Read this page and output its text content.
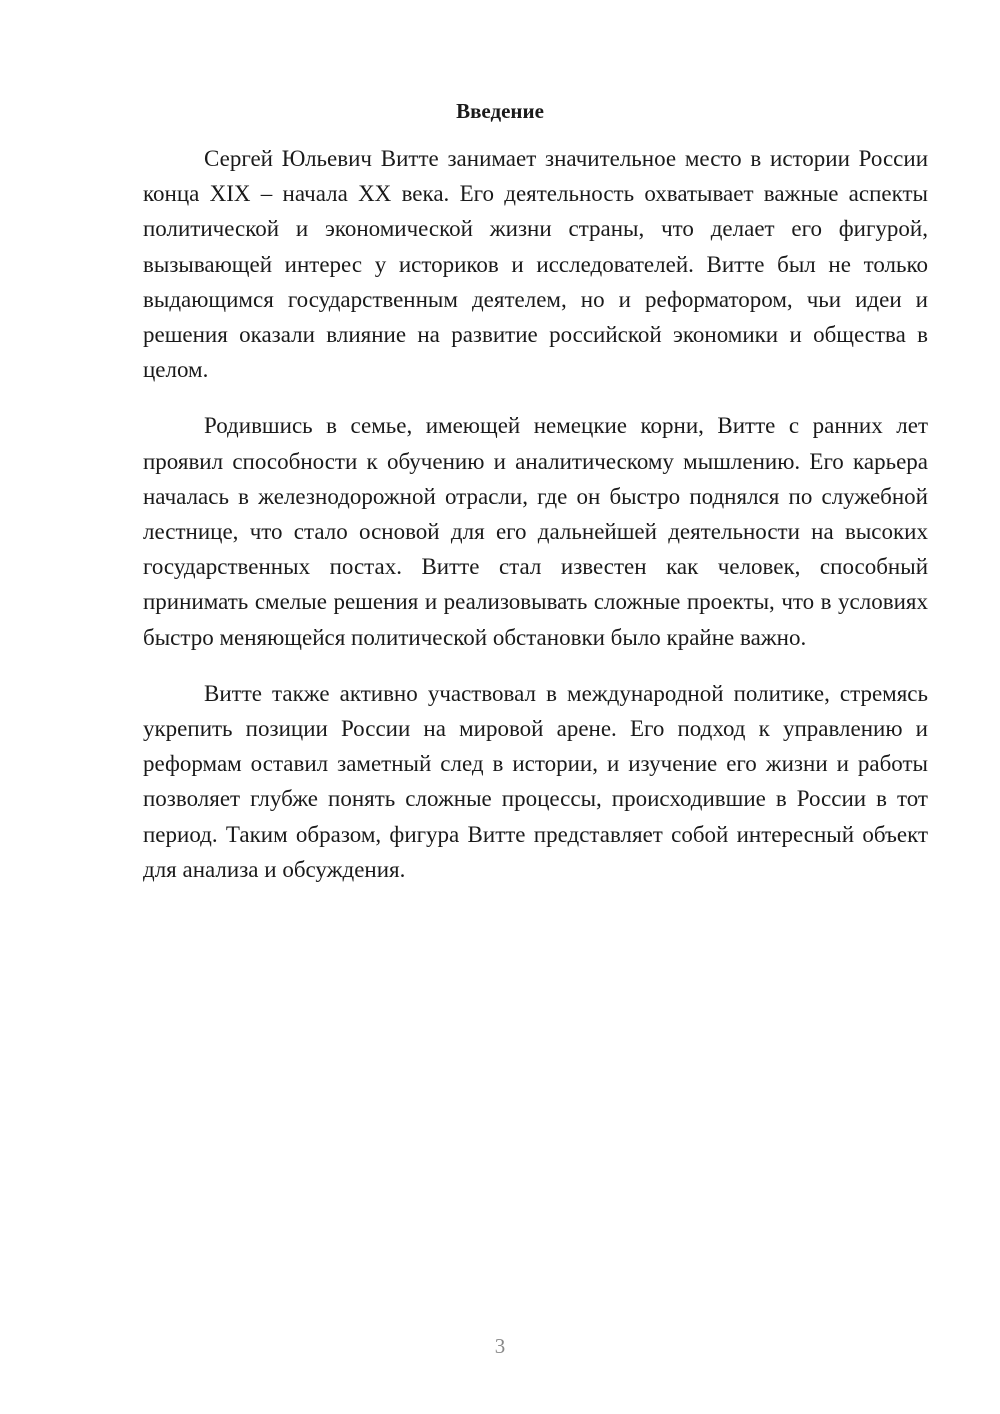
Введение

Сергей Юльевич Витте занимает значительное место в истории России конца XIX – начала XX века. Его деятельность охватывает важные аспекты политической и экономической жизни страны, что делает его фигурой, вызывающей интерес у историков и исследователей. Витте был не только выдающимся государственным деятелем, но и реформатором, чьи идеи и решения оказали влияние на развитие российской экономики и общества в целом.

Родившись в семье, имеющей немецкие корни, Витте с ранних лет проявил способности к обучению и аналитическому мышлению. Его карьера началась в железнодорожной отрасли, где он быстро поднялся по служебной лестнице, что стало основой для его дальнейшей деятельности на высоких государственных постах. Витте стал известен как человек, способный принимать смелые решения и реализовывать сложные проекты, что в условиях быстро меняющейся политической обстановки было крайне важно.

Витте также активно участвовал в международной политике, стремясь укрепить позиции России на мировой арене. Его подход к управлению и реформам оставил заметный след в истории, и изучение его жизни и работы позволяет глубже понять сложные процессы, происходившие в России в тот период. Таким образом, фигура Витте представляет собой интересный объект для анализа и обсуждения.

3
